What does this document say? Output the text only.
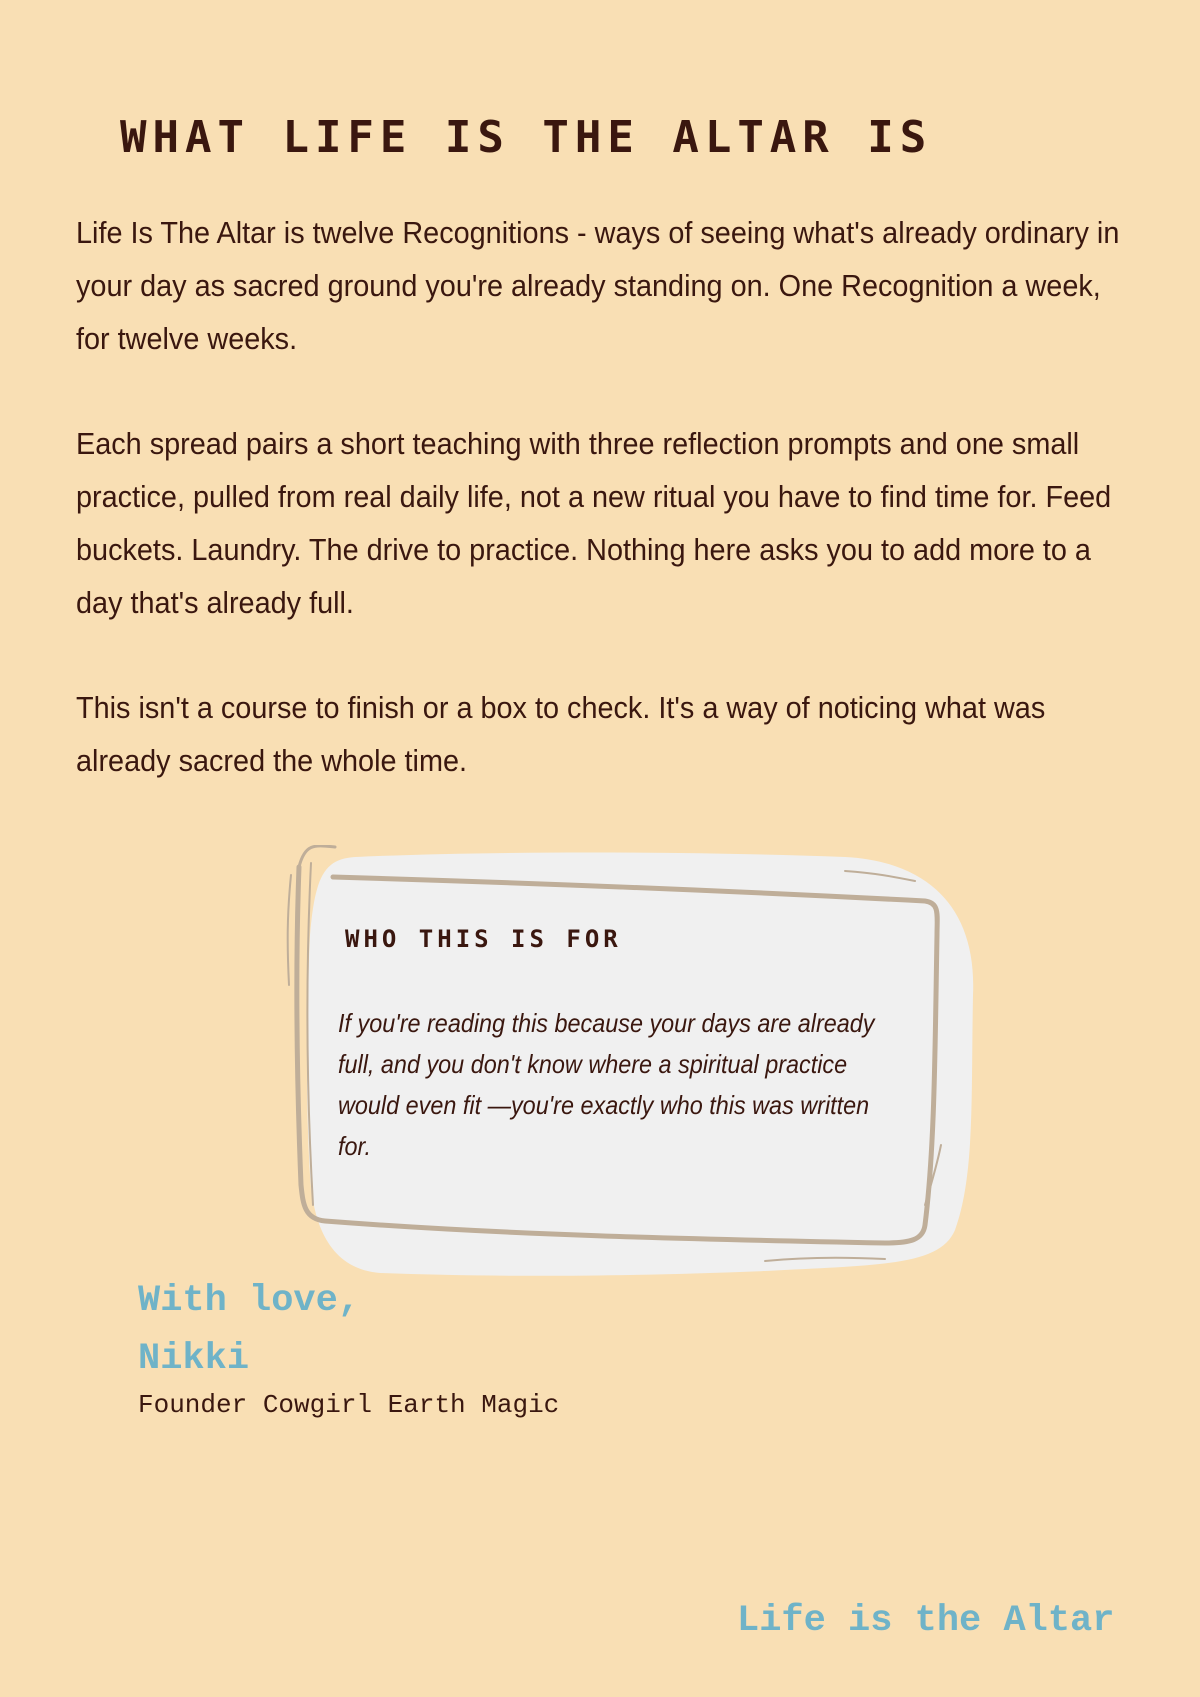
WHAT LIFE IS THE ALTAR IS

Life Is The Altar is twelve Recognitions - ways of seeing what's already ordinary in your day as sacred ground you're already standing on. One Recognition a week, for twelve weeks.

Each spread pairs a short teaching with three reflection prompts and one small practice, pulled from real daily life, not a new ritual you have to find time for. Feed buckets. Laundry. The drive to practice. Nothing here asks you to add more to a day that's already full.

This isn't a course to finish or a box to check. It's a way of noticing what was already sacred the whole time.

WHO THIS IS FOR

If you're reading this because your days are already full, and you don't know where a spiritual practice would even fit —you're exactly who this was written for.

With love,

Nikki

Founder Cowgirl Earth Magic

Life is the Altar
